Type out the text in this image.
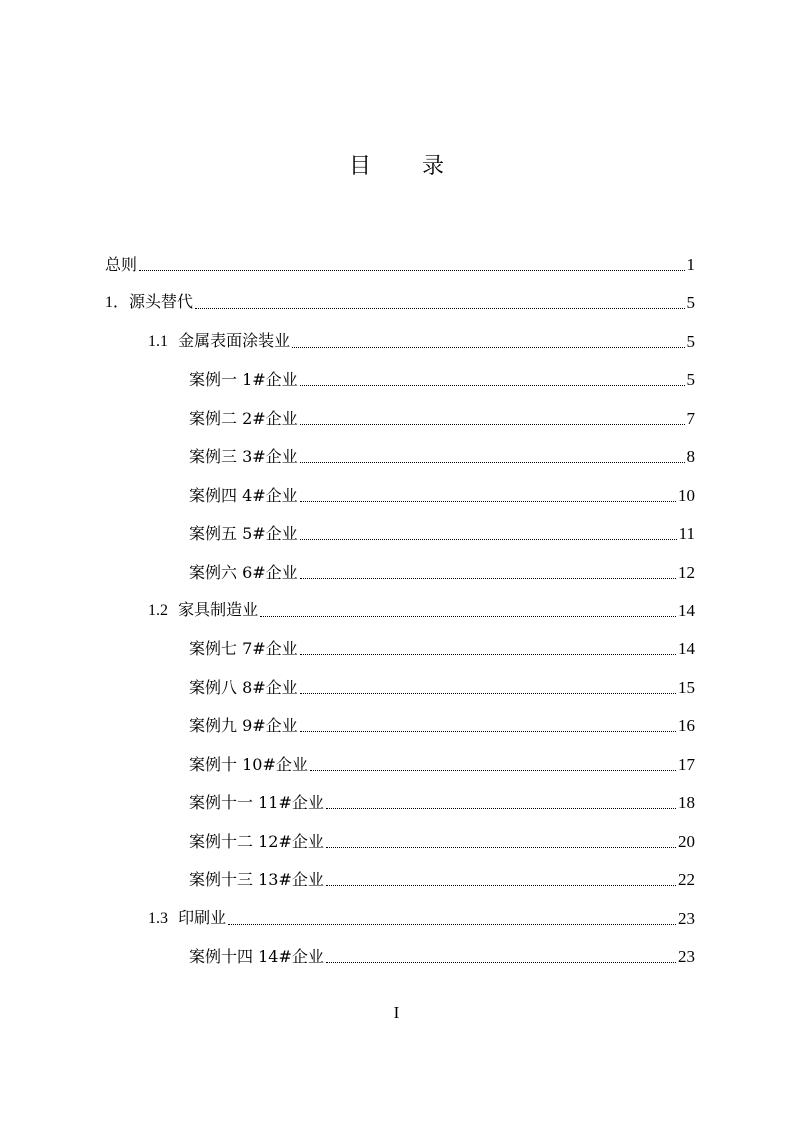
目 录
总则	1
1．源头替代	5
1.1 金属表面涂装业	5
案例一 1#企业	5
案例二 2#企业	7
案例三 3#企业	8
案例四 4#企业	10
案例五 5#企业	11
案例六 6#企业	12
1.2 家具制造业	14
案例七 7#企业	14
案例八 8#企业	15
案例九 9#企业	16
案例十 10#企业	17
案例十一 11#企业	18
案例十二 12#企业	20
案例十三 13#企业	22
1.3 印刷业	23
案例十四 14#企业	23
I
